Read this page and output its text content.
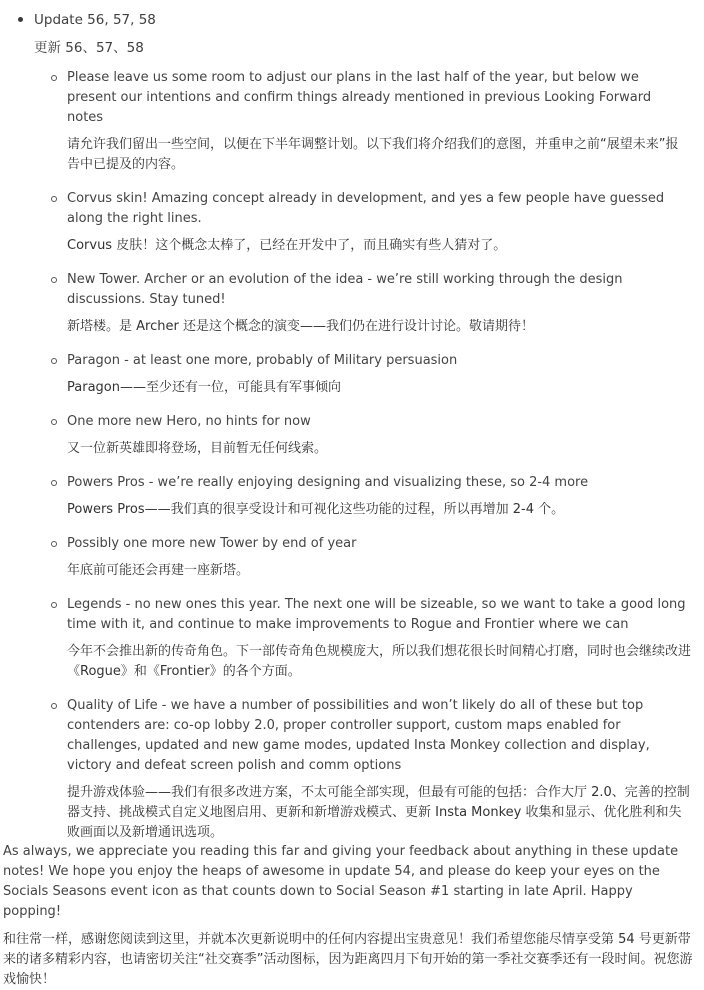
Update 56, 57, 58
更新 56、57、58
Please leave us some room to adjust our plans in the last half of the year, but below we present our intentions and confirm things already mentioned in previous Looking Forward notes
请允许我们留出一些空间，以便在下半年调整计划。以下我们将介绍我们的意图，并重申之前“展望未来”报告中已提及的内容。
Corvus skin! Amazing concept already in development, and yes a few people have guessed along the right lines.
Corvus 皮肤！这个概念太棒了，已经在开发中了，而且确实有些人猜对了。
New Tower. Archer or an evolution of the idea - we’re still working through the design discussions. Stay tuned!
新塔楼。是 Archer 还是这个概念的演变——我们仍在进行设计讨论。敬请期待！
Paragon - at least one more, probably of Military persuasion
Paragon——至少还有一位，可能具有军事倾向
One more new Hero, no hints for now
又一位新英雄即将登场，目前暂无任何线索。
Powers Pros - we’re really enjoying designing and visualizing these, so 2-4 more
Powers Pros——我们真的很享受设计和可视化这些功能的过程，所以再增加 2-4 个。
Possibly one more new Tower by end of year
年底前可能还会再建一座新塔。
Legends - no new ones this year. The next one will be sizeable, so we want to take a good long time with it, and continue to make improvements to Rogue and Frontier where we can
今年不会推出新的传奇角色。下一部传奇角色规模庞大，所以我们想花很长时间精心打磨，同时也会继续改进《Rogue》和《Frontier》的各个方面。
Quality of Life - we have a number of possibilities and won’t likely do all of these but top contenders are: co-op lobby 2.0, proper controller support, custom maps enabled for challenges, updated and new game modes, updated Insta Monkey collection and display, victory and defeat screen polish and comm options
提升游戏体验——我们有很多改进方案，不太可能全部实现，但最有可能的包括：合作大厅 2.0、完善的控制器支持、挑战模式自定义地图启用、更新和新增游戏模式、更新 Insta Monkey 收集和显示、优化胜利和失败画面以及新增通讯选项。
As always, we appreciate you reading this far and giving your feedback about anything in these update notes! We hope you enjoy the heaps of awesome in update 54, and please do keep your eyes on the Socials Seasons event icon as that counts down to Social Season #1 starting in late April. Happy popping!
和往常一样，感谢您阅读到这里，并就本次更新说明中的任何内容提出宝贵意见！我们希望您能尽情享受第 54 号更新带来的诸多精彩内容，也请密切关注“社交赛季”活动图标，因为距离四月下旬开始的第一季社交赛季还有一段时间。祝您游戏愉快！
